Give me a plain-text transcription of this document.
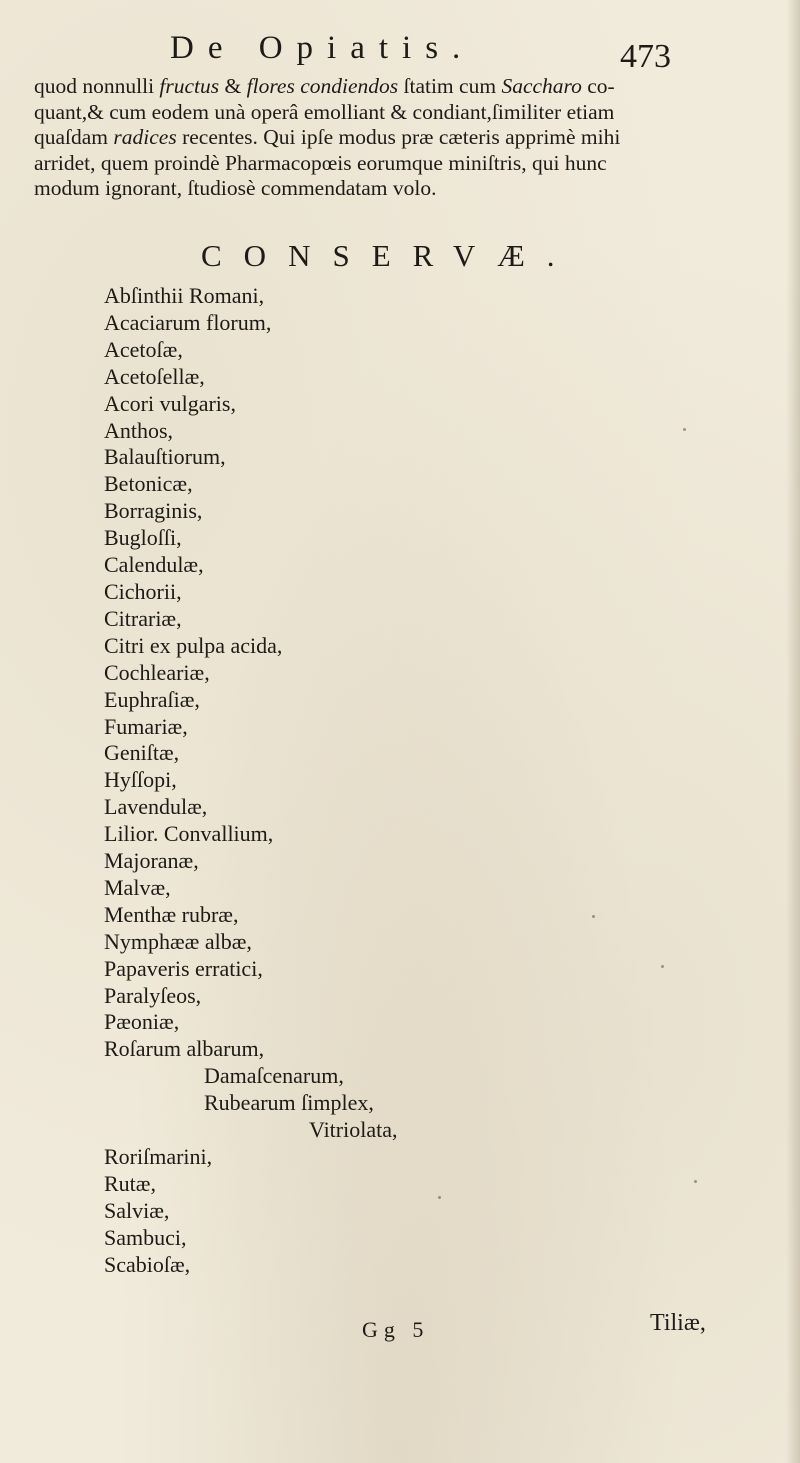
De Opiatis.	473
quod nonnulli fructus & flores condiendos ſtatim cum Saccharo co-
quant,& cum eodem unà operâ emolliant & condiant,ſimiliter etiam
quaſdam radices recentes. Qui ipſe modus præ cæteris apprimè mihi
arridet, quem proindè Pharmacopœis eorumque miniſtris, qui hunc
modum ignorant, ſtudiosè commendatam volo.
CONSERVÆ.
Abſinthii Romani,
Acaciarum florum,
Acetoſæ,
Acetoſellæ,
Acori vulgaris,
Anthos,
Balauſtiorum,
Betonicæ,
Borraginis,
Bugloſſi,
Calendulæ,
Cichorii,
Citrariæ,
Citri ex pulpa acida,
Cochleariæ,
Euphraſiæ,
Fumariæ,
Geniſtæ,
Hyſſopi,
Lavendulæ,
Lilior. Convallium,
Majoranæ,
Malvæ,
Menthæ rubræ,
Nymphææ albæ,
Papaveris erratici,
Paralyſeos,
Pæoniæ,
Roſarum albarum,
Damaſcenarum,
Rubearum ſimplex,
Vitriolata,
Roriſmarini,
Rutæ,
Salviæ,
Sambuci,
Scabioſæ,
Gg 5	Tiliæ,
